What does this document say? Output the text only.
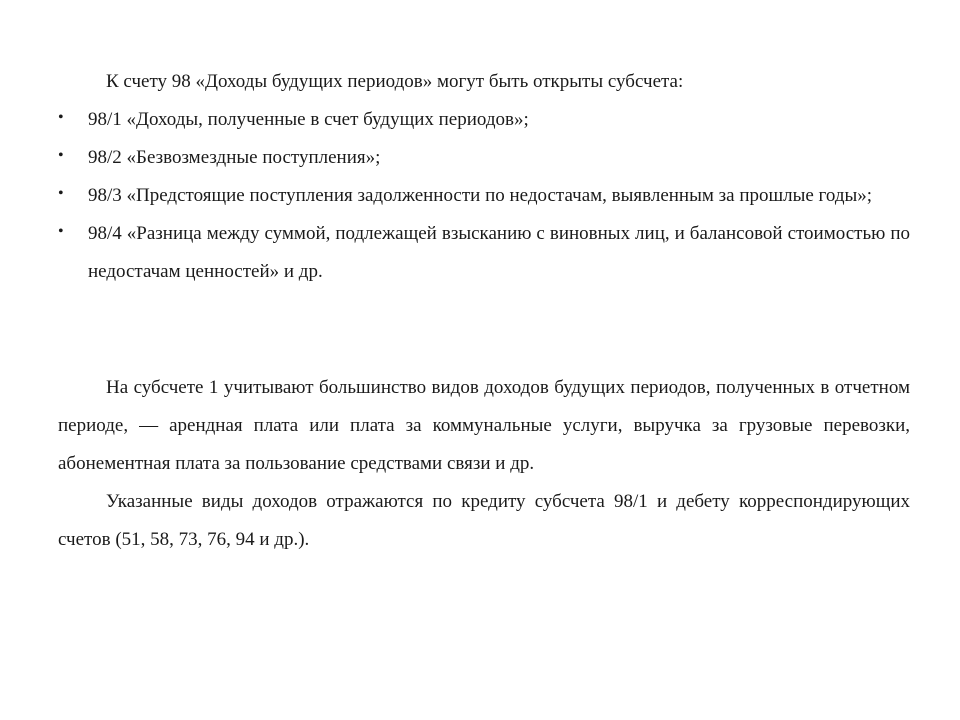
К счету 98 «Доходы будущих периодов» могут быть открыты субсчета:

•	98/1 «Доходы, полученные в счет будущих периодов»;
•	98/2 «Безвозмездные поступления»;
•	98/3 «Предстоящие поступления задолженности по недостачам, выявленным за прошлые годы»;
•	98/4 «Разница между суммой, подлежащей взысканию с виновных лиц, и балансовой стоимостью по недостачам ценностей» и др.

На субсчете 1 учитывают большинство видов доходов будущих периодов, полученных в отчетном периоде, — арендная плата или плата за коммунальные услуги, выручка за грузовые перевозки, абонементная плата за пользование средствами связи и др.

Указанные виды доходов отражаются по кредиту субсчета 98/1 и дебету корреспондирующих счетов (51, 58, 73, 76, 94 и др.).
